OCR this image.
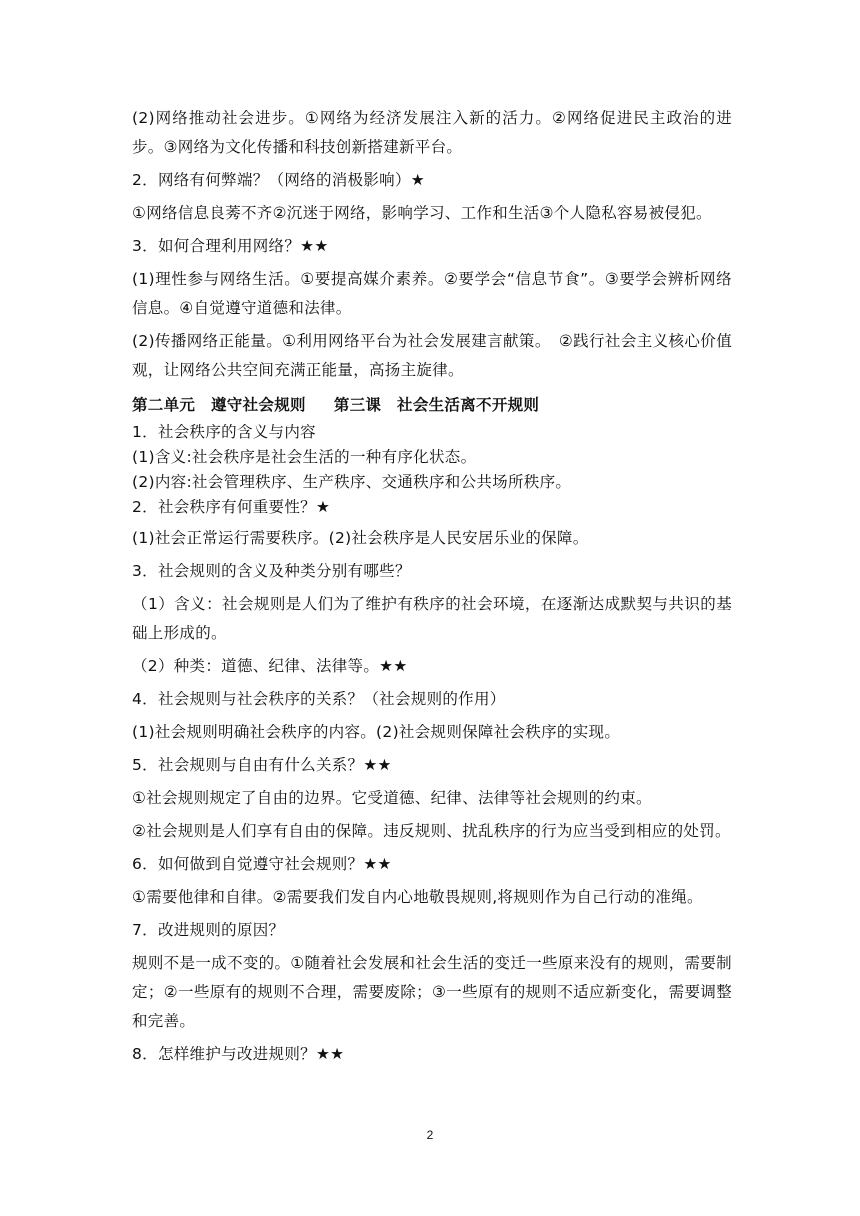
(2)网络推动社会进步。①网络为经济发展注入新的活力。②网络促进民主政治的进步。③网络为文化传播和科技创新搭建新平台。

2．网络有何弊端？（网络的消极影响）★

①网络信息良莠不齐②沉迷于网络，影响学习、工作和生活③个人隐私容易被侵犯。

3．如何合理利用网络？★★

(1)理性参与网络生活。①要提高媒介素养。②要学会“信息节食”。③要学会辨析网络信息。④自觉遵守道德和法律。

(2)传播网络正能量。①利用网络平台为社会发展建言献策。　②践行社会主义核心价值观，让网络公共空间充满正能量，高扬主旋律。

第二单元　遵守社会规则 第三课　社会生活离不开规则

1．社会秩序的含义与内容

(1)含义:社会秩序是社会生活的一种有序化状态。

(2)内容:社会管理秩序、生产秩序、交通秩序和公共场所秩序。

2．社会秩序有何重要性？★

(1)社会正常运行需要秩序。(2)社会秩序是人民安居乐业的保障。

3．社会规则的含义及种类分别有哪些？

（1）含义：社会规则是人们为了维护有秩序的社会环境，在逐渐达成默契与共识的基础上形成的。

（2）种类：道德、纪律、法律等。★★

4．社会规则与社会秩序的关系？（社会规则的作用）

(1)社会规则明确社会秩序的内容。(2)社会规则保障社会秩序的实现。

5．社会规则与自由有什么关系？★★

①社会规则规定了自由的边界。它受道德、纪律、法律等社会规则的约束。

②社会规则是人们享有自由的保障。违反规则、扰乱秩序的行为应当受到相应的处罚。

6．如何做到自觉遵守社会规则？★★

①需要他律和自律。②需要我们发自内心地敬畏规则,将规则作为自己行动的准绳。

7．改进规则的原因？

规则不是一成不变的。①随着社会发展和社会生活的变迁一些原来没有的规则，需要制定；②一些原有的规则不合理，需要废除；③一些原有的规则不适应新变化，需要调整和完善。

8．怎样维护与改进规则？★★

2
